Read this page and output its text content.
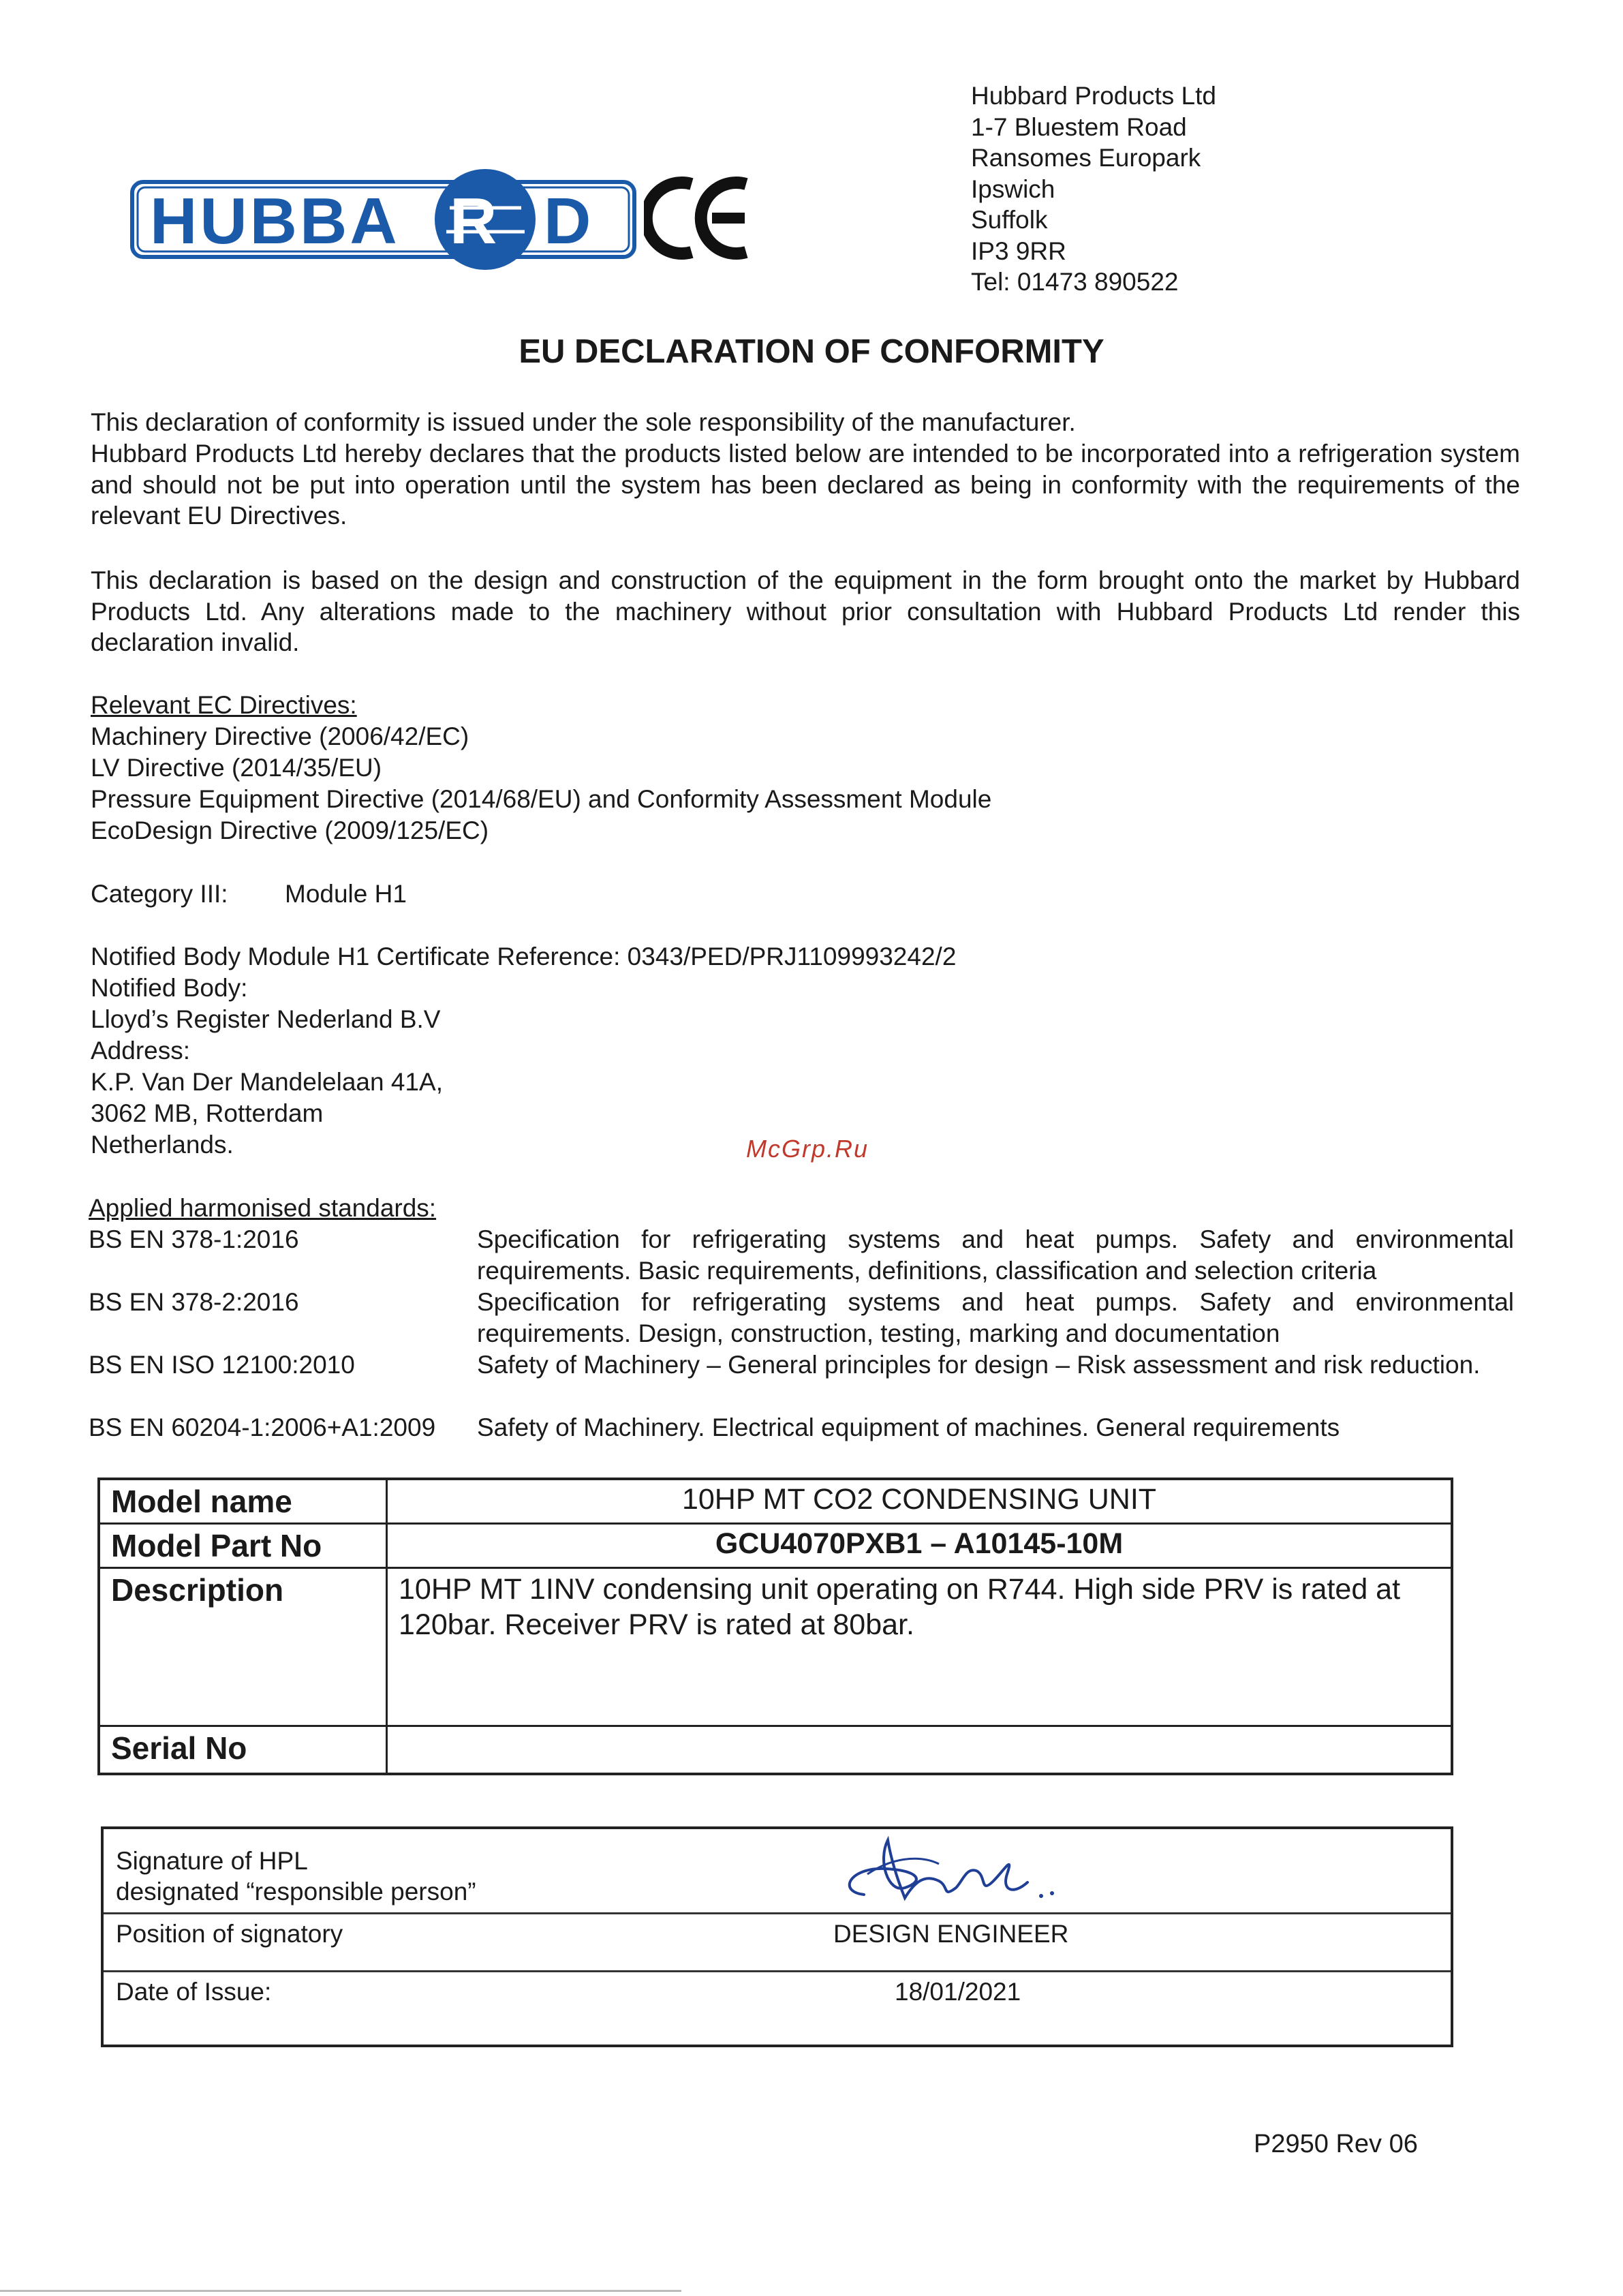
Hubbard Products Ltd
1-7 Bluestem Road
Ransomes Europark
Ipswich
Suffolk
IP3 9RR
Tel: 01473 890522
HUBBA R D
EU DECLARATION OF CONFORMITY
This declaration of conformity is issued under the sole responsibility of the manufacturer.
Hubbard Products Ltd hereby declares that the products listed below are intended to be incorporated into a refrigeration system and should not be put into operation until the system has been declared as being in conformity with the requirements of the relevant EU Directives.
This declaration is based on the design and construction of the equipment in the form brought onto the market by Hubbard Products Ltd. Any alterations made to the machinery without prior consultation with Hubbard Products Ltd render this declaration invalid.
Relevant EC Directives:
Machinery Directive (2006/42/EC)
LV Directive (2014/35/EU)
Pressure Equipment Directive (2014/68/EU) and Conformity Assessment Module
EcoDesign Directive (2009/125/EC)
Category III: Module H1
Notified Body Module H1 Certificate Reference: 0343/PED/PRJ1109993242/2
Notified Body:
Lloyd’s Register Nederland B.V
Address:
K.P. Van Der Mandelelaan 41A,
3062 MB, Rotterdam
Netherlands.	McGrp.Ru
Applied harmonised standards:
BS EN 378-1:2016	Specification for refrigerating systems and heat pumps. Safety and environmental requirements. Basic requirements, definitions, classification and selection criteria
BS EN 378-2:2016	Specification for refrigerating systems and heat pumps. Safety and environmental requirements. Design, construction, testing, marking and documentation
BS EN ISO 12100:2010	Safety of Machinery – General principles for design – Risk assessment and risk reduction.
BS EN 60204-1:2006+A1:2009 Safety of Machinery. Electrical equipment of machines. General requirements
Model name	10HP MT CO2 CONDENSING UNIT
Model Part No	GCU4070PXB1 – A10145-10M
Description	10HP MT 1INV condensing unit operating on R744. High side PRV is rated at 120bar. Receiver PRV is rated at 80bar.
Serial No	
Signature of HPL
designated “responsible person”

Position of signatory	DESIGN ENGINEER
Date of Issue:	18/01/2021
P2950 Rev 06
